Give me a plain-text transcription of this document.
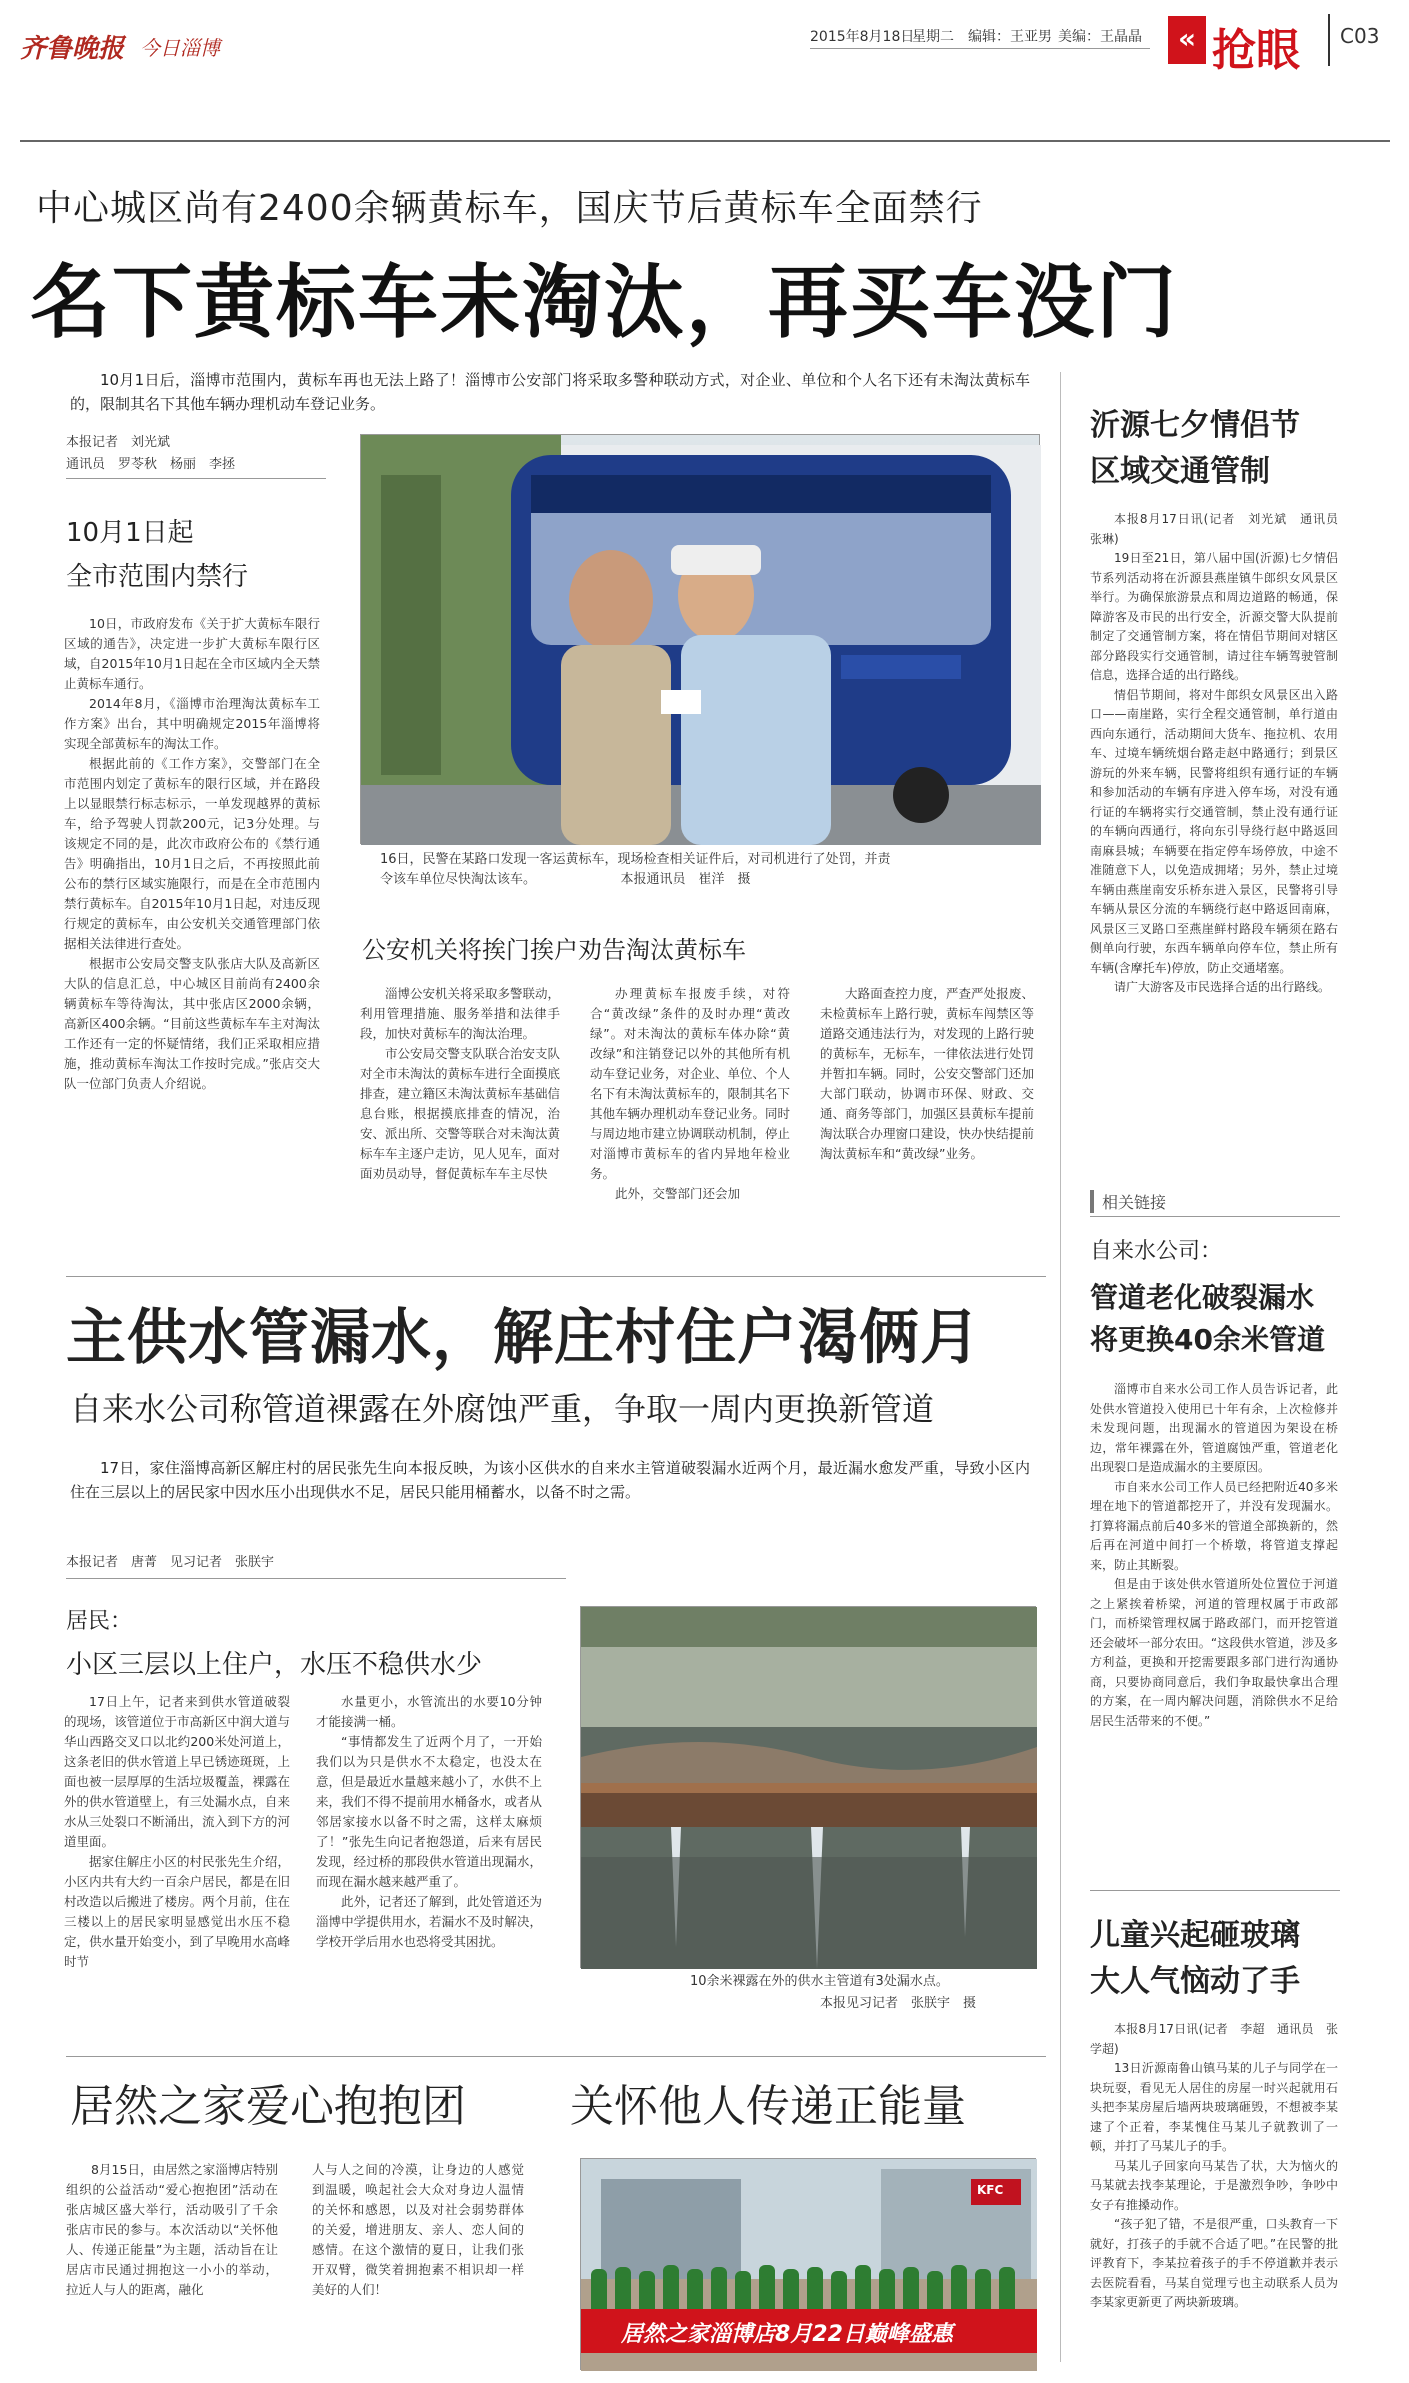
齐鲁晚报 今日淄博	2015年8月18日
星期二 编辑：王亚男 美编：王晶晶	« 抢眼 C03
中心城区尚有2400余辆黄标车，国庆节后黄标车全面禁行
名下黄标车未淘汰，再买车没门
10月1日后，淄博市范围内，黄标车再也无法上路了！淄博市公安部门将采取多警种联动方式，对企业、单位和个人名下还有未淘汰黄标车的，限制其名下其他车辆办理机动车登记业务。
本报记者　刘光斌
通讯员　罗苓秋　杨丽　李拯
10月1日起
全市范围内禁行

10日，市政府发布《关于扩大黄标车限行区域的通告》，决定进一步扩大黄标车限行区域，自2015年10月1日起在全市区域内全天禁止黄标车通行。

2014年8月，《淄博市治理淘汰黄标车工作方案》出台，其中明确规定2015年淄博将实现全部黄标车的淘汰工作。

根据此前的《工作方案》，交警部门在全市范围内划定了黄标车的限行区域，并在路段上以显眼禁行标志标示，一单发现越界的黄标车，给予驾驶人罚款200元，记3分处理。与该规定不同的是，此次市政府公布的《禁行通告》明确指出，10月1日之后，不再按照此前公布的禁行区域实施限行，而是在全市范围内禁行黄标车。自2015年10月1日起，对违反现行规定的黄标车，由公安机关交通管理部门依据相关法律进行查处。

根据市公安局交警支队张店大队及高新区大队的信息汇总，中心城区目前尚有2400余辆黄标车等待淘汰，其中张店区2000余辆，高新区400余辆。“目前这些黄标车车主对淘汰工作还有一定的怀疑情绪，我们正采取相应措施，推动黄标车淘汰工作按时完成。”张店交大队一位部门负责人介绍说。

16日，民警在某路口发现一客运黄标车，现场检查相关证件后，对司机进行了处罚，并责
令该车单位尽快淘汰该车。　　　　　　　本报通讯员　崔洋　摄
公安机关将挨门挨户劝告淘汰黄标车

淄博公安机关将采取多警联动，利用管理措施、服务举措和法律手段，加快对黄标车的淘汰治理。

市公安局交警支队联合治安支队对全市未淘汰的黄标车进行全面摸底排查，建立籍区未淘汰黄标车基础信息台账，根据摸底排查的情况，治安、派出所、交警等联合对未淘汰黄标车车主逐户走访，见人见车，面对面劝员动导，督促黄标车车主尽快

办理黄标车报废手续，对符合“黄改绿”条件的及时办理“黄改绿”。对未淘汰的黄标车体办除“黄改绿”和注销登记以外的其他所有机动车登记业务，对企业、单位、个人名下有未淘汰黄标车的，限制其名下其他车辆办理机动车登记业务。同时与周边地市建立协调联动机制，停止对淄博市黄标车的省内异地年检业务。

此外，交警部门还会加

大路面查控力度，严查严处报废、未检黄标车上路行驶，黄标车闯禁区等道路交通违法行为，对发现的上路行驶的黄标车，无标车，一律依法进行处罚并暂扣车辆。同时，公安交警部门还加大部门联动，协调市环保、财政、交通、商务等部门，加强区县黄标车提前淘汰联合办理窗口建设，快办快结提前淘汰黄标车和“黄改绿”业务。

沂源七夕情侣节
区域交通管制

本报8月17日讯(记者　刘光斌　通讯员　张琳)

19日至21日，第八届中国(沂源)七夕情侣节系列活动将在沂源县燕崖镇牛郎织女风景区举行。为确保旅游景点和周边道路的畅通，保障游客及市民的出行安全，沂源交警大队提前制定了交通管制方案，将在情侣节期间对辖区部分路段实行交通管制，请过往车辆驾驶管制信息，选择合适的出行路线。

情侣节期间，将对牛郎织女风景区出入路口——南崖路，实行全程交通管制，单行道由西向东通行，活动期间大货车、拖拉机、农用车、过境车辆统烟台路走赵中路通行；到景区游玩的外来车辆，民警将组织有通行证的车辆和参加活动的车辆有序进入停车场，对没有通行证的车辆将实行交通管制，禁止没有通行证的车辆向西通行，将向东引导绕行赵中路返回南麻县城；车辆要在指定停车场停放，中途不准随意下人，以免造成拥堵；另外，禁止过境车辆由燕崖南安乐桥东进入景区，民警将引导车辆从景区分流的车辆绕行赵中路返回南麻，风景区三叉路口至燕崖鲜村路段车辆须在路右侧单向行驶，东西车辆单向停车位，禁止所有车辆(含摩托车)停放，防止交通堵塞。

请广大游客及市民选择合适的出行路线。

相关链接
自来水公司：
管道老化破裂漏水
将更换40余米管道

淄博市自来水公司工作人员告诉记者，此处供水管道投入使用已十年有余，上次检修并未发现问题，出现漏水的管道因为架设在桥边，常年裸露在外，管道腐蚀严重，管道老化出现裂口是造成漏水的主要原因。

市自来水公司工作人员已经把附近40多米埋在地下的管道都挖开了，并没有发现漏水。打算将漏点前后40多米的管道全部换新的，然后再在河道中间打一个桥墩，将管道支撑起来，防止其断裂。

但是由于该处供水管道所处位置位于河道之上紧挨着桥梁，河道的管理权属于市政部门，而桥梁管理权属于路政部门，而开挖管道还会破坏一部分农田。“这段供水管道，涉及多方利益，更换和开挖需要跟多部门进行沟通协商，只要协商同意后，我们争取最快拿出合理的方案，在一周内解决问题，消除供水不足给居民生活带来的不便。”

主供水管漏水，解庄村住户渴俩月
自来水公司称管道裸露在外腐蚀严重，争取一周内更换新管道
17日，家住淄博高新区解庄村的居民张先生向本报反映，为该小区供水的自来水主管道破裂漏水近两个月，最近漏水愈发严重，导致小区内住在三层以上的居民家中因水压小出现供水不足，居民只能用桶蓄水，以备不时之需。
本报记者　唐菁　见习记者　张朕宇
居民：
小区三层以上住户，水压不稳供水少

17日上午，记者来到供水管道破裂的现场，该管道位于市高新区中润大道与华山西路交叉口以北约200米处河道上，这条老旧的供水管道上早已锈迹斑斑，上面也被一层厚厚的生活垃圾覆盖，裸露在外的供水管道壁上，有三处漏水点，自来水从三处裂口不断涌出，流入到下方的河道里面。

据家住解庄小区的村民张先生介绍，小区内共有大约一百余户居民，都是在旧村改造以后搬进了楼房。两个月前，住在三楼以上的居民家明显感觉出水压不稳定，供水量开始变小，到了早晚用水高峰时节

水量更小，水管流出的水要10分钟才能接满一桶。

“事情都发生了近两个月了，一开始我们以为只是供水不太稳定，也没太在意，但是最近水量越来越小了，水供不上来，我们不得不提前用水桶备水，或者从邻居家接水以备不时之需，这样太麻烦了！”张先生向记者抱怨道，后来有居民发现，经过桥的那段供水管道出现漏水，而现在漏水越来越严重了。

此外，记者还了解到，此处管道还为淄博中学提供用水，若漏水不及时解决，学校开学后用水也恐将受其困扰。

10余米裸露在外的供水主管道有3处漏水点。
本报见习记者　张朕宇　摄
儿童兴起砸玻璃
大人气恼动了手

本报8月17日讯(记者　李超　通讯员　张学超)

13日沂源南鲁山镇马某的儿子与同学在一块玩耍，看见无人居住的房屋一时兴起就用石头把李某房屋后墙两块玻璃砸毁，不想被李某逮了个正着，李某愧住马某儿子就教训了一顿，并打了马某儿子的手。

马某儿子回家向马某告了状，大为恼火的马某就去找李某理论，于是激烈争吵，争吵中女子有推搡动作。

“孩子犯了错，不是很严重，口头教育一下就好，打孩子的手就不合适了吧。”在民警的批评教育下，李某拉着孩子的手不停道歉并表示去医院看看，马某自觉理亏也主动联系人员为李某家更新更了两块新玻璃。

居然之家爱心抱抱团 关怀他人传递正能量
8月15日，由居然之家淄博店特别组织的公益活动“爱心抱抱团”活动在张店城区盛大举行，活动吸引了千余张店市民的参与。本次活动以“关怀他人、传递正能量”为主题，活动旨在让居店市民通过拥抱这一小小的举动，拉近人与人的距离，融化
人与人之间的冷漠，让身边的人感觉到温暖，唤起社会大众对身边人温情的关怀和感恩，以及对社会弱势群体的关爱，增进朋友、亲人、恋人间的感情。在这个激情的夏日，让我们张开双臂，微笑着拥抱素不相识却一样美好的人们！
KFC
居然之家淄博店8月22日巅峰盛惠
